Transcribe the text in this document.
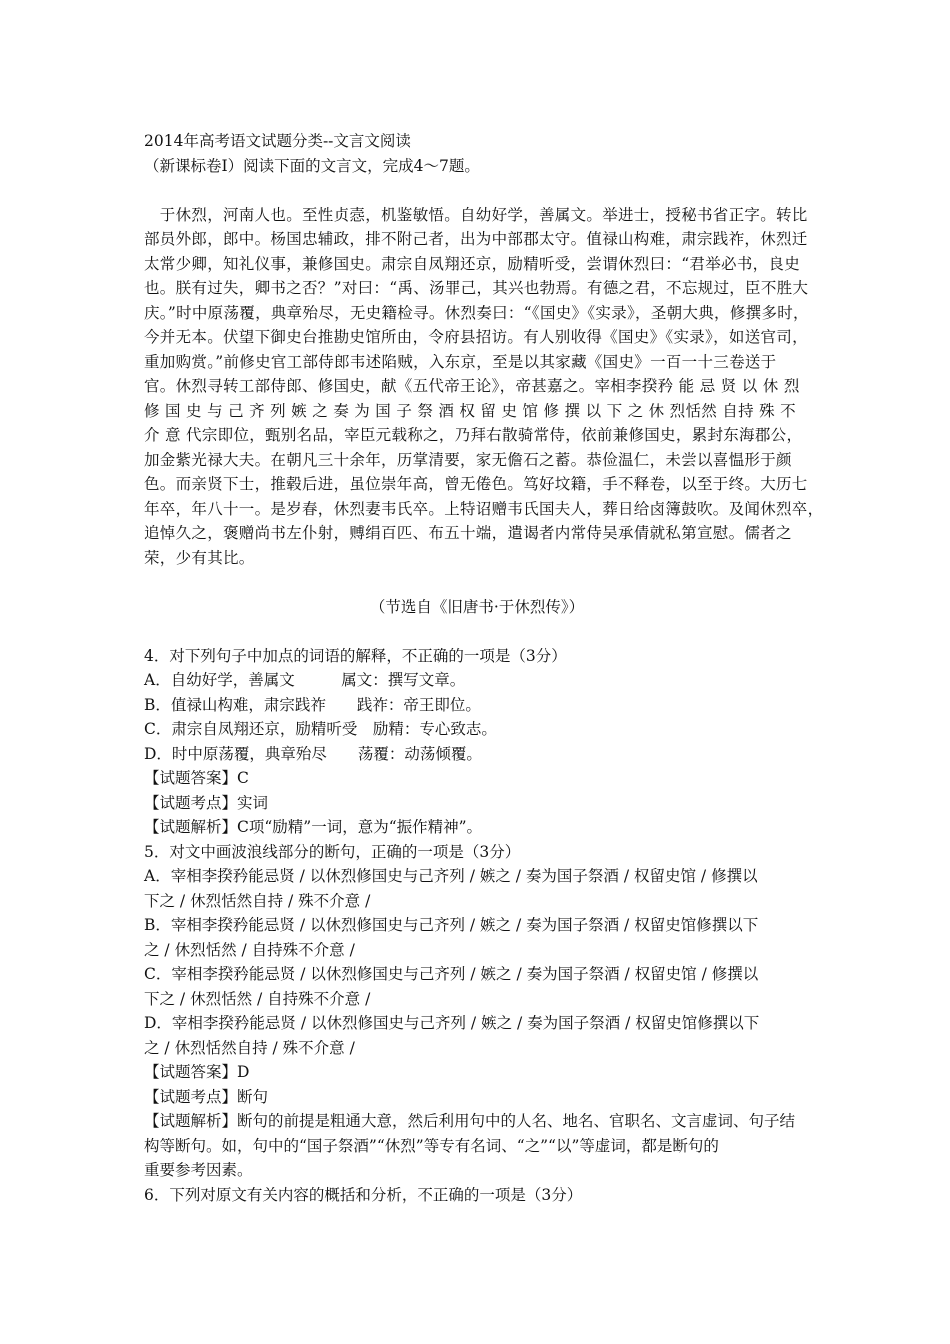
2014年高考语文试题分类--文言文阅读

（新课标卷Ⅰ）阅读下面的文言文，完成4～7题。

　于休烈，河南人也。至性贞悫，机鉴敏悟。自幼好学，善属文。举进士，授秘书省正字。转比
部员外郎，郎中。杨国忠辅政，排不附己者，出为中部郡太守。值禄山构难，肃宗践祚，休烈迁
太常少卿，知礼仪事，兼修国史。肃宗自凤翔还京，励精听受，尝谓休烈曰：“君举必书，良史
也。朕有过失，卿书之否？”对曰：“禹、汤罪己，其兴也勃焉。有德之君，不忘规过，臣不胜大
庆。”时中原荡覆，典章殆尽，无史籍检寻。休烈奏曰：“《国史》《实录》，圣朝大典，修撰多时，
今并无本。伏望下御史台推勘史馆所由，令府县招访。有人别收得《国史》《实录》，如送官司，
重加购赏。”前修史官工部侍郎韦述陷贼，入东京，至是以其家藏《国史》一百一十三卷送于
官。休烈寻转工部侍郎、修国史，献《五代帝王论》，帝甚嘉之。宰相李揆矜 能 忌 贤 以 休 烈
修 国 史 与 己 齐 列 嫉 之 奏 为 国 子 祭 酒 权 留 史 馆 修 撰 以 下 之 休 烈恬然 自持 殊 不
介 意 代宗即位，甄别名品，宰臣元载称之，乃拜右散骑常侍，依前兼修国史，累封东海郡公，
加金紫光禄大夫。在朝凡三十余年，历掌清要，家无儋石之蓄。恭俭温仁，未尝以喜愠形于颜
色。而亲贤下士，推毂后进，虽位崇年高，曾无倦色。笃好坟籍，手不释卷，以至于终。大历七
年卒，年八十一。是岁春，休烈妻韦氏卒。上特诏赠韦氏国夫人，葬日给卤簿鼓吹。及闻休烈卒，
追悼久之，褒赠尚书左仆射，赙绢百匹、布五十端，遣谒者内常侍吴承倩就私第宣慰。儒者之
荣，少有其比。

（节选自《旧唐书·于休烈传》）

4．对下列句子中加点的词语的解释，不正确的一项是（3分）

A．自幼好学，善属文　　　属文：撰写文章。

B．值禄山构难，肃宗践祚　　践祚：帝王即位。

C．肃宗自凤翔还京，励精听受　励精：专心致志。

D．时中原荡覆，典章殆尽　　荡覆：动荡倾覆。

【试题答案】C

【试题考点】实词

【试题解析】C项“励精”一词，意为“振作精神”。

5．对文中画波浪线部分的断句，正确的一项是（3分）

A．宰相李揆矜能忌贤 / 以休烈修国史与己齐列 / 嫉之 / 奏为国子祭酒 / 权留史馆 / 修撰以

下之 / 休烈恬然自持 / 殊不介意 /

B．宰相李揆矜能忌贤 / 以休烈修国史与己齐列 / 嫉之 / 奏为国子祭酒 / 权留史馆修撰以下

之 / 休烈恬然 / 自持殊不介意 /

C．宰相李揆矜能忌贤 / 以休烈修国史与己齐列 / 嫉之 / 奏为国子祭酒 / 权留史馆 / 修撰以

下之 / 休烈恬然 / 自持殊不介意 /

D．宰相李揆矜能忌贤 / 以休烈修国史与己齐列 / 嫉之 / 奏为国子祭酒 / 权留史馆修撰以下

之 / 休烈恬然自持 / 殊不介意 /

【试题答案】D

【试题考点】断句

【试题解析】断句的前提是粗通大意，然后利用句中的人名、地名、官职名、文言虚词、句子结

构等断句。如，句中的“国子祭酒”“休烈”等专有名词、“之”“以”等虚词，都是断句的

重要参考因素。

6．下列对原文有关内容的概括和分析，不正确的一项是（3分）
